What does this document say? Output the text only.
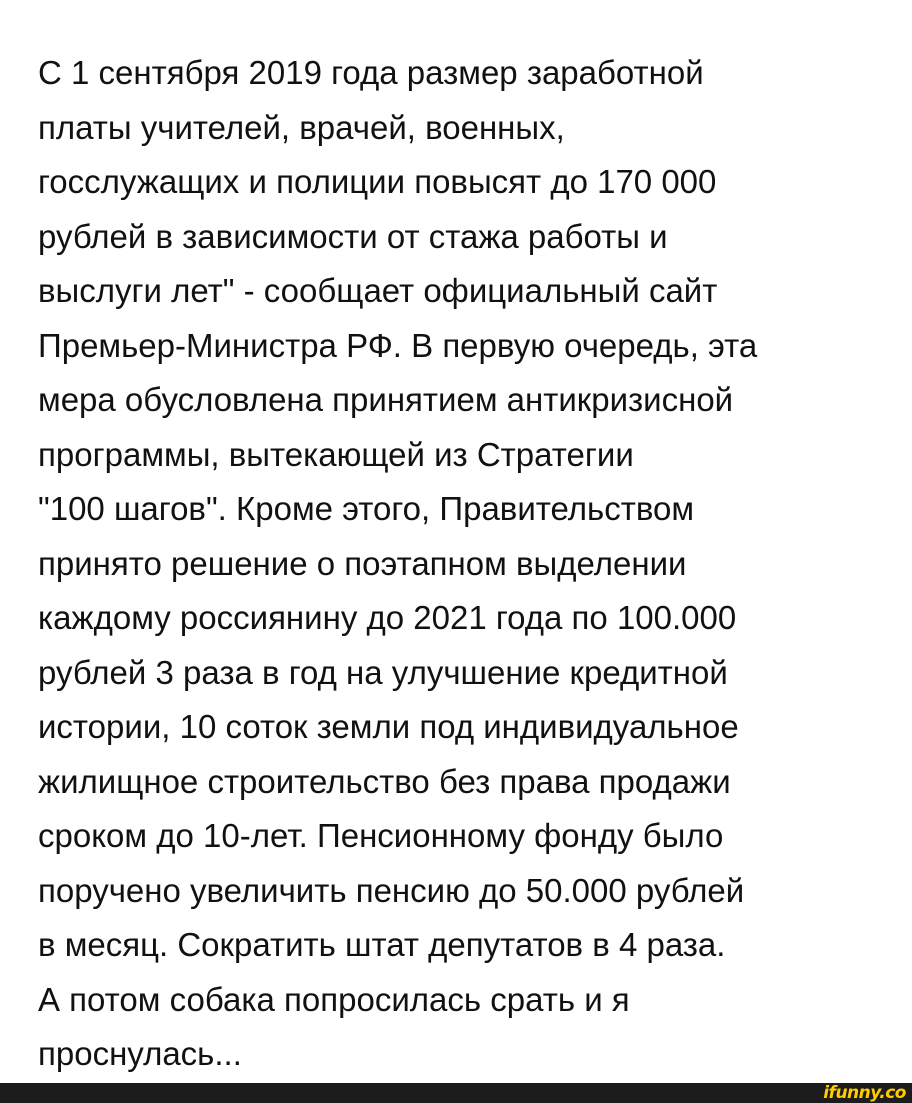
С 1 сентября 2019 года размер заработной
платы учителей, врачей, военных,
госслужащих и полиции повысят до 170 000
рублей в зависимости от стажа работы и
выслуги лет" - сообщает официальный сайт
Премьер-Министра РФ. В первую очередь, эта
мера обусловлена принятием антикризисной
программы, вытекающей из Стратегии
"100 шагов". Кроме этого, Правительством
принято решение о поэтапном выделении
каждому россиянину до 2021 года по 100.000
рублей 3 раза в год на улучшение кредитной
истории, 10 соток земли под индивидуальное
жилищное строительство без права продажи
сроком до 10-лет. Пенсионному фонду было
поручено увеличить пенсию до 50.000 рублей
в месяц. Сократить штат депутатов в 4 раза.
А потом собака попросилась срать и я
проснулась...
ifunny.co
